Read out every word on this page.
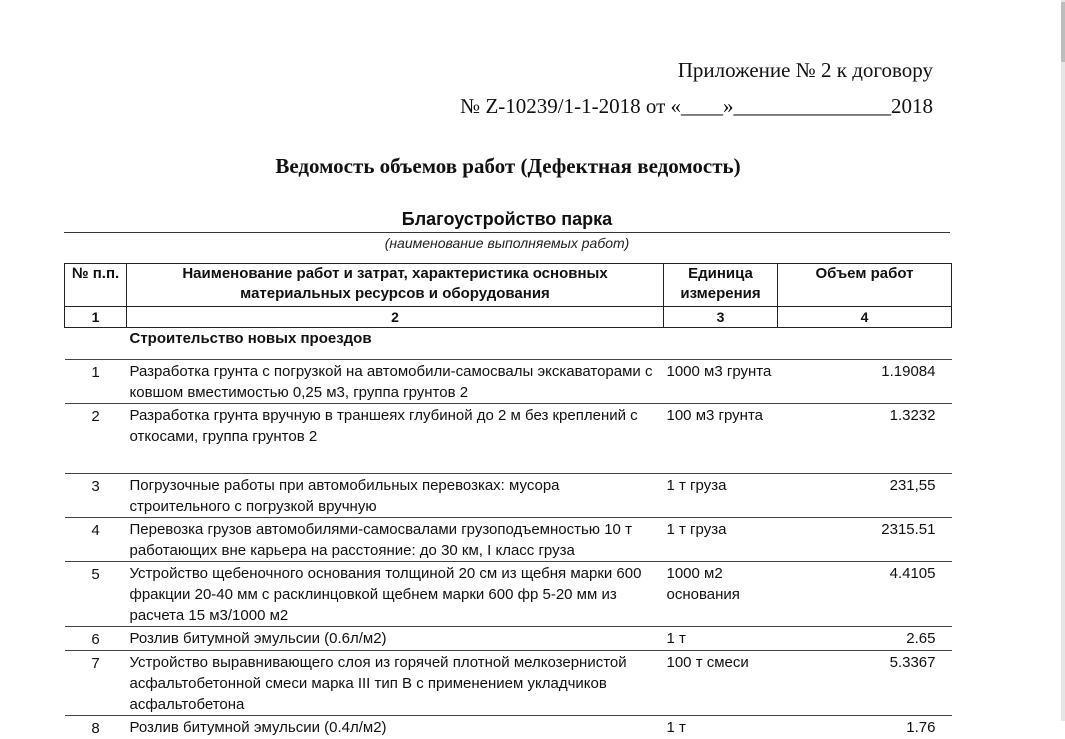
Приложение № 2 к договору
№ Z-10239/1-1-2018 от «____»_______________2018
Ведомость объемов работ (Дефектная ведомость)
Благоустройство парка
(наименование выполняемых работ)
№ п.п.	Наименование работ и затрат, характеристика основных материальных ресурсов и оборудования	Единица измерения	Объем работ
1	2	3	4
	Строительство новых проездов		
1	Разработка грунта с погрузкой на автомобили-самосвалы экскаваторами с ковшом вместимостью 0,25 м3, группа грунтов 2	1000 м3 грунта	1.19084
2	Разработка грунта вручную в траншеях глубиной до 2 м без креплений с откосами, группа грунтов 2	100 м3 грунта	1.3232
3	Погрузочные работы при автомобильных перевозках: мусора строительного с погрузкой вручную	1 т груза	231,55
4	Перевозка грузов автомобилями-самосвалами грузоподъемностью 10 т работающих вне карьера на расстояние: до 30 км, I класс груза	1 т груза	2315.51
5	Устройство щебеночного основания толщиной 20 см из щебня марки 600 фракции 20-40 мм с расклинцовкой щебнем марки 600 фр 5-20 мм из расчета 15 м3/1000 м2	1000 м2 основания	4.4105
6	Розлив битумной эмульсии (0.6л/м2)	1 т	2.65
7	Устройство выравнивающего слоя из горячей плотной мелкозернистой асфальтобетонной смеси марка III тип В с применением укладчиков асфальтобетона	100 т смеси	5.3367
8	Розлив битумной эмульсии (0.4л/м2)	1 т	1.76
